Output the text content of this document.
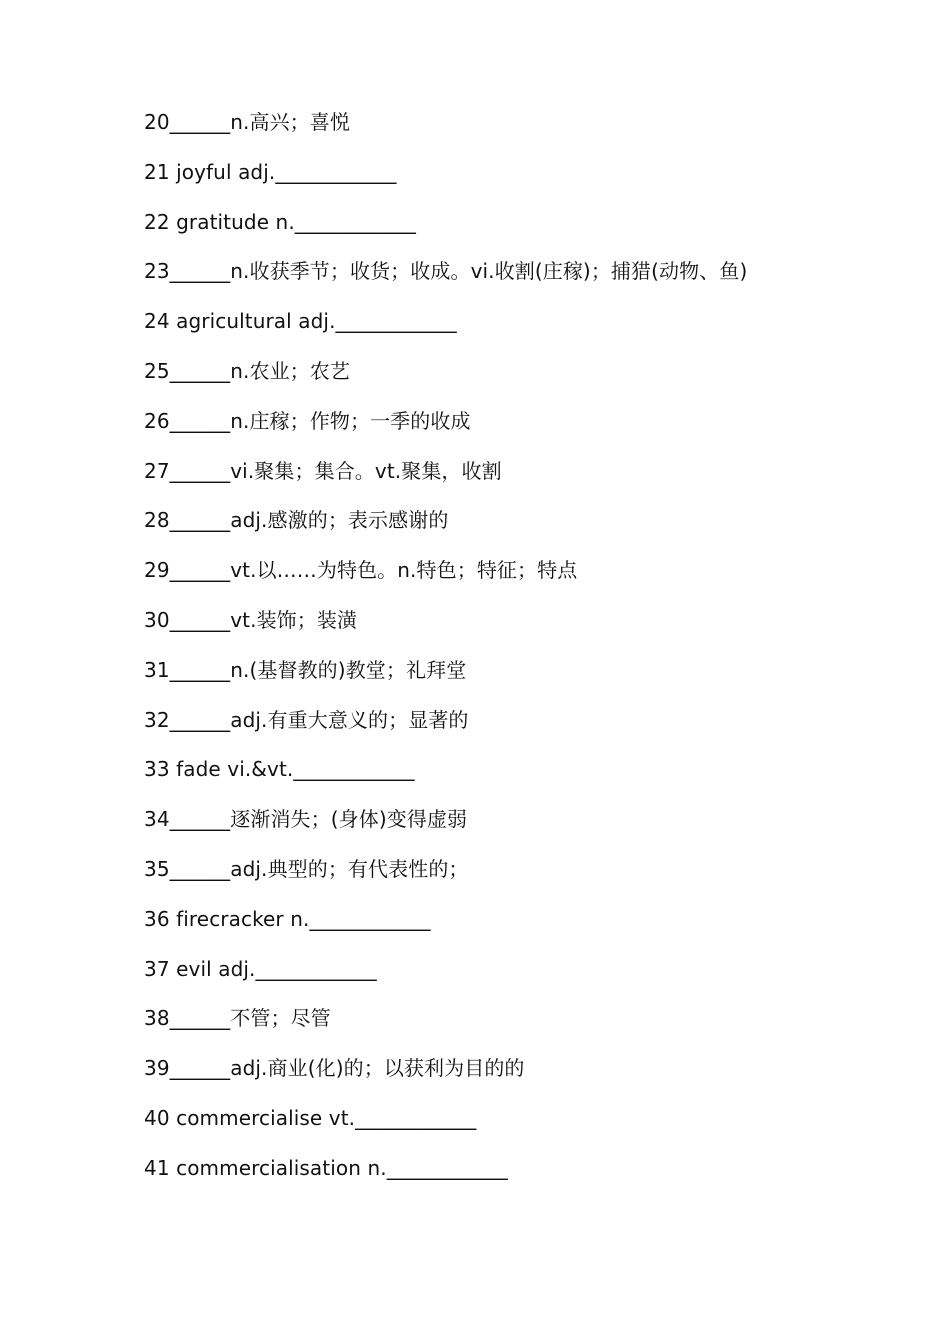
20______n.高兴；喜悦
21 joyful adj.____________
22 gratitude n.____________
23______n.收获季节；收货；收成。vi.收割(庄稼)；捕猎(动物、鱼)
24 agricultural adj.____________
25______n.农业；农艺
26______n.庄稼；作物；一季的收成
27______vi.聚集；集合。vt.聚集，收割
28______adj.感激的；表示感谢的
29______vt.以……为特色。n.特色；特征；特点
30______vt.装饰；装潢
31______n.(基督教的)教堂；礼拜堂
32______adj.有重大意义的；显著的
33 fade vi.&vt.____________
34______逐渐消失；(身体)变得虚弱
35______adj.典型的；有代表性的；
36 firecracker n.____________
37 evil adj.____________
38______不管；尽管
39______adj.商业(化)的；以获利为目的的
40 commercialise vt.____________
41 commercialisation n.____________
